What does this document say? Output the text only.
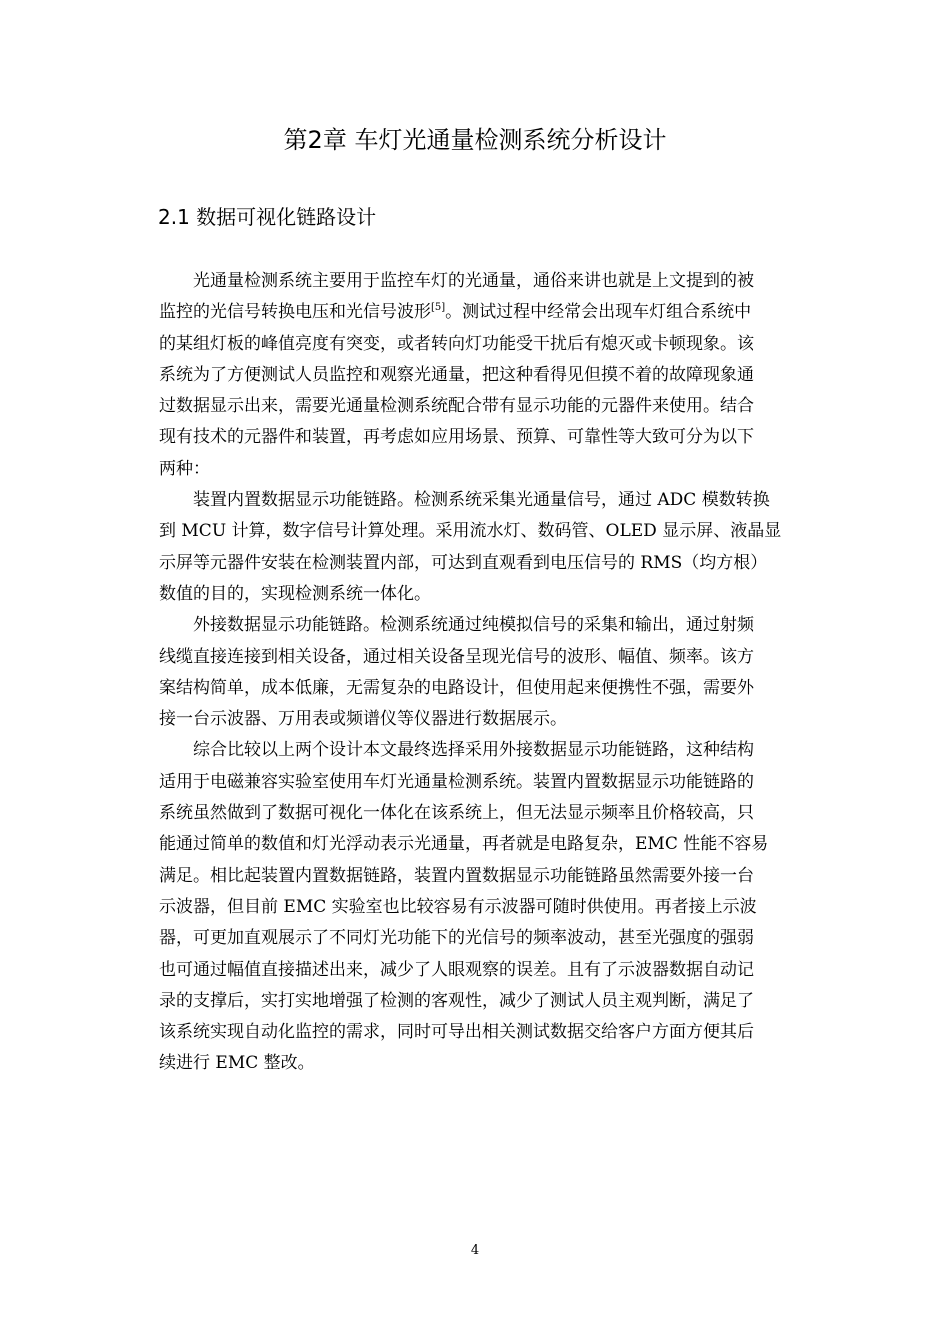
第2章 车灯光通量检测系统分析设计
2.1 数据可视化链路设计
光通量检测系统主要用于监控车灯的光通量，通俗来讲也就是上文提到的被
监控的光信号转换电压和光信号波形[5]。测试过程中经常会出现车灯组合系统中
的某组灯板的峰值亮度有突变，或者转向灯功能受干扰后有熄灭或卡顿现象。该
系统为了方便测试人员监控和观察光通量，把这种看得见但摸不着的故障现象通
过数据显示出来，需要光通量检测系统配合带有显示功能的元器件来使用。结合
现有技术的元器件和装置，再考虑如应用场景、预算、可靠性等大致可分为以下
两种：
装置内置数据显示功能链路。检测系统采集光通量信号，通过 ADC 模数转换
到 MCU 计算，数字信号计算处理。采用流水灯、数码管、OLED 显示屏、液晶显
示屏等元器件安装在检测装置内部，可达到直观看到电压信号的 RMS（均方根）
数值的目的，实现检测系统一体化。
外接数据显示功能链路。检测系统通过纯模拟信号的采集和输出，通过射频
线缆直接连接到相关设备，通过相关设备呈现光信号的波形、幅值、频率。该方
案结构简单，成本低廉，无需复杂的电路设计，但使用起来便携性不强，需要外
接一台示波器、万用表或频谱仪等仪器进行数据展示。
综合比较以上两个设计本文最终选择采用外接数据显示功能链路，这种结构
适用于电磁兼容实验室使用车灯光通量检测系统。装置内置数据显示功能链路的
系统虽然做到了数据可视化一体化在该系统上，但无法显示频率且价格较高，只
能通过简单的数值和灯光浮动表示光通量，再者就是电路复杂，EMC 性能不容易
满足。相比起装置内置数据链路，装置内置数据显示功能链路虽然需要外接一台
示波器，但目前 EMC 实验室也比较容易有示波器可随时供使用。再者接上示波
器，可更加直观展示了不同灯光功能下的光信号的频率波动，甚至光强度的强弱
也可通过幅值直接描述出来，减少了人眼观察的误差。且有了示波器数据自动记
录的支撑后，实打实地增强了检测的客观性，减少了测试人员主观判断，满足了
该系统实现自动化监控的需求，同时可导出相关测试数据交给客户方面方便其后
续进行 EMC 整改。
4
